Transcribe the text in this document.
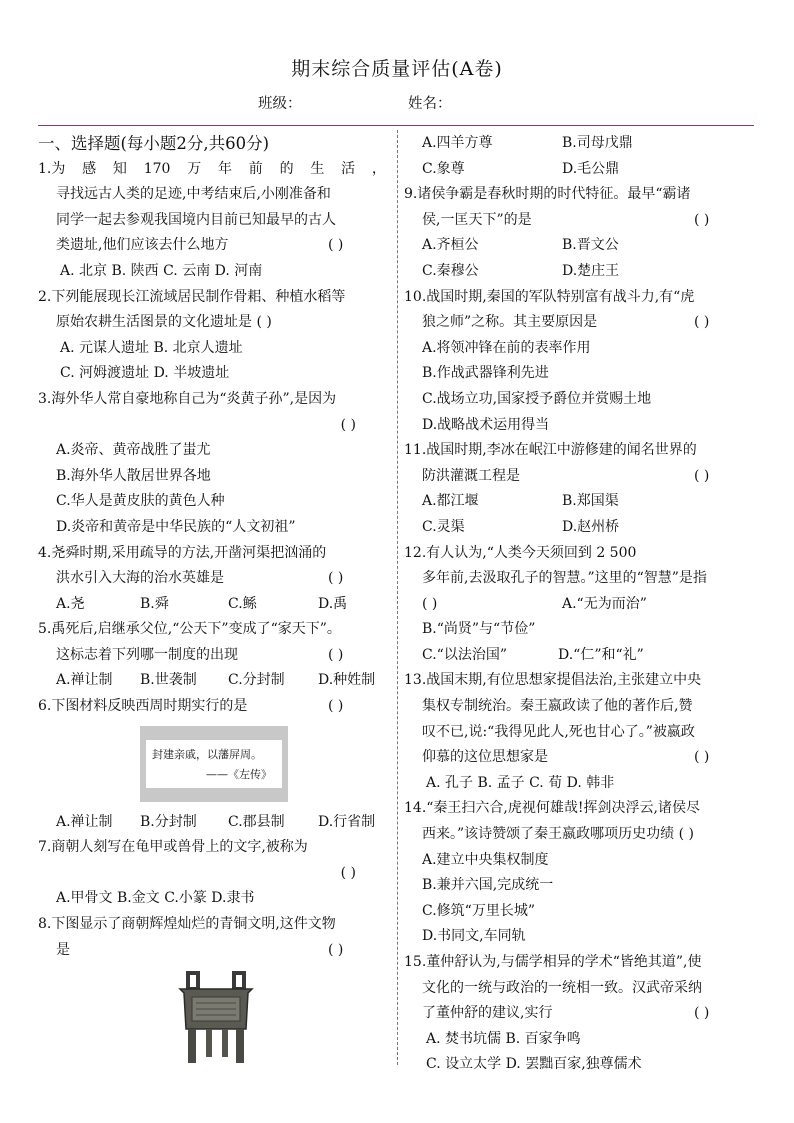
期末综合质量评估(A卷)
班级：	姓名：
一、选择题(每小题2分,共60分)
1.为 感 知 170 万 年 前 的 生 活 ，
寻找远古人类的足迹,中考结束后,小刚准备和
同学一起去参观我国境内目前已知最早的古人
类遗址,他们应该去什么地方	( )
A. 北京 B. 陕西 C. 云南 D. 河南
2.下列能展现长江流域居民制作骨耜、种植水稻等
原始农耕生活图景的文化遗址是 ( )
A. 元谋人遗址 B. 北京人遗址
C. 河姆渡遗址 D. 半坡遗址
3.海外华人常自豪地称自己为“炎黄子孙”,是因为
( )
A.炎帝、黄帝战胜了蚩尤
B.海外华人散居世界各地
C.华人是黄皮肤的黄色人种
D.炎帝和黄帝是中华民族的“人文初祖”
4.尧舜时期,采用疏导的方法,开凿河渠把汹涌的
洪水引入大海的治水英雄是	( )
A.尧	B.舜	C.鲧	D.禹
5.禹死后,启继承父位,“公天下”变成了“家天下”。
这标志着下列哪一制度的出现	( )
A.禅让制	B.世袭制	C.分封制	D.种姓制
6.下图材料反映西周时期实行的是	( )
封建亲戚，以藩屏周。
——《左传》
A.禅让制	B.分封制	C.郡县制	D.行省制
7.商朝人刻写在龟甲或兽骨上的文字,被称为
( )
A.甲骨文 B.金文 C.小篆 D.隶书
8.下图显示了商朝辉煌灿烂的青铜文明,这件文物
是	( )
A.四羊方尊	B.司母戊鼎
C.象尊	D.毛公鼎
9.诸侯争霸是春秋时期的时代特征。最早“霸诸
侯,一匡天下”的是	( )
A.齐桓公	B.晋文公
C.秦穆公	D.楚庄王
10.战国时期,秦国的军队特别富有战斗力,有“虎
狼之师”之称。其主要原因是	( )
A.将领冲锋在前的表率作用
B.作战武器锋利先进
C.战场立功,国家授予爵位并赏赐土地
D.战略战术运用得当
11.战国时期,李冰在岷江中游修建的闻名世界的
防洪灌溉工程是	( )
A.都江堰	B.郑国渠
C.灵渠	D.赵州桥
12.有人认为,“人类今天须回到 2 500
多年前,去汲取孔子的智慧。”这里的“智慧”是指
( )	A.“无为而治”
B.“尚贤”与“节俭”
C.“以法治国”	D.“仁”和“礼”
13.战国末期,有位思想家提倡法治,主张建立中央
集权专制统治。秦王嬴政读了他的著作后,赞
叹不已,说:“我得见此人,死也甘心了。”被嬴政
仰慕的这位思想家是	( )
A. 孔子 B. 孟子 C. 荀 D. 韩非
14.“秦王扫六合,虎视何雄哉!挥剑决浮云,诸侯尽
西来。”该诗赞颂了秦王嬴政哪项历史功绩 ( )
A.建立中央集权制度
B.兼并六国,完成统一
C.修筑“万里长城”
D.书同文,车同轨
15.董仲舒认为,与儒学相异的学术“皆绝其道”,使
文化的一统与政治的一统相一致。汉武帝采纳
了董仲舒的建议,实行	( )
A. 焚书坑儒 B. 百家争鸣
C. 设立太学 D. 罢黜百家,独尊儒术
